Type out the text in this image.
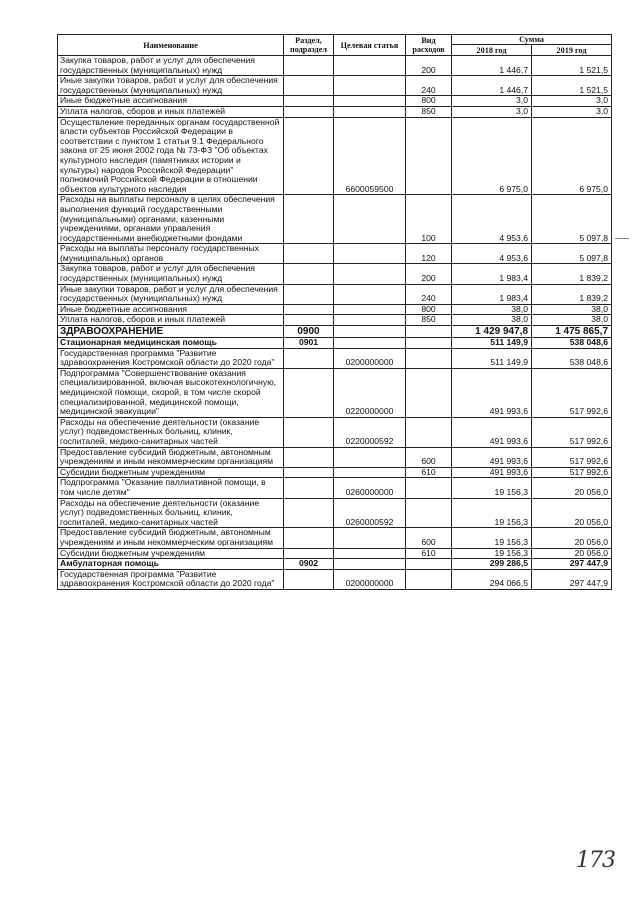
Наименование	Раздел, подраздел	Целевая статья	Вид расходов	Сумма	
				2018 год	2019 год
Закупка товаров, работ и услуг для обеспечения государственных (муниципальных) нужд			200	1 446,7	1 521,5
Иные закупки товаров, работ и услуг для обеспечения государственных (муниципальных) нужд			240	1 446,7	1 521,5
Иные бюджетные ассигнования			800	3,0	3,0
Уплата налогов, сборов и иных платежей			850	3,0	3,0
Осуществление переданных органам государственной власти субъектов Российской Федерации в соответствии с пунктом 1 статьи 9.1 Федерального закона от 25 июня 2002 года № 73-ФЗ "Об объектах культурного наследия (памятниках истории и культуры) народов Российской Федерации" полномочий Российской Федерации в отношении объектов культурного наследия		6600059500		6 975,0	6 975,0
Расходы на выплаты персоналу в целях обеспечения выполнения функций государственными (муниципальными) органами, казенными учреждениями, органами управления государственными внебюджетными фондами			100	4 953,6	5 097,8
Расходы на выплаты персоналу государственных (муниципальных) органов			120	4 953,6	5 097,8
Закупка товаров, работ и услуг для обеспечения государственных (муниципальных) нужд			200	1 983,4	1 839,2
Иные закупки товаров, работ и услуг для обеспечения государственных (муниципальных) нужд			240	1 983,4	1 839,2
Иные бюджетные ассигнования			800	38,0	38,0
Уплата налогов, сборов и иных платежей			850	38,0	38,0
ЗДРАВООХРАНЕНИЕ	0900			1 429 947,8	1 475 865,7
Стационарная медицинская помощь	0901			511 149,9	538 048,6
Государственная программа "Развитие здравоохранения Костромской области до 2020 года"		0200000000		511 149,9	538 048,6
Подпрограмма "Совершенствование оказания специализированной, включая высокотехнологичную, медицинской помощи, скорой, в том числе скорой специализированной, медицинской помощи, медицинской эвакуации"		0220000000		491 993,6	517 992,6
Расходы на обеспечение деятельности (оказание услуг) подведомственных больниц, клиник, госпиталей, медико-санитарных частей		0220000592		491 993,6	517 992,6
Предоставление субсидий бюджетным, автономным учреждениям и иным некоммерческим организациям			600	491 993,6	517 992,6
Субсидии бюджетным учреждениям			610	491 993,6	517 992,6
Подпрограмма "Оказание паллиативной помощи, в том числе детям"		0260000000		19 156,3	20 056,0
Расходы на обеспечение деятельности (оказание услуг) подведомственных больниц, клиник, госпиталей, медико-санитарных частей		0260000592		19 156,3	20 056,0
Предоставление субсидий бюджетным, автономным учреждениям и иным некоммерческим организациям			600	19 156,3	20 056,0
Субсидии бюджетным учреждениям			610	19 156,3	20 056,0
Амбулаторная помощь	0902			299 286,5	297 447,9
Государственная программа "Развитие здравоохранения Костромской области до 2020 года"		0200000000		294 066,5	297 447,9
173
